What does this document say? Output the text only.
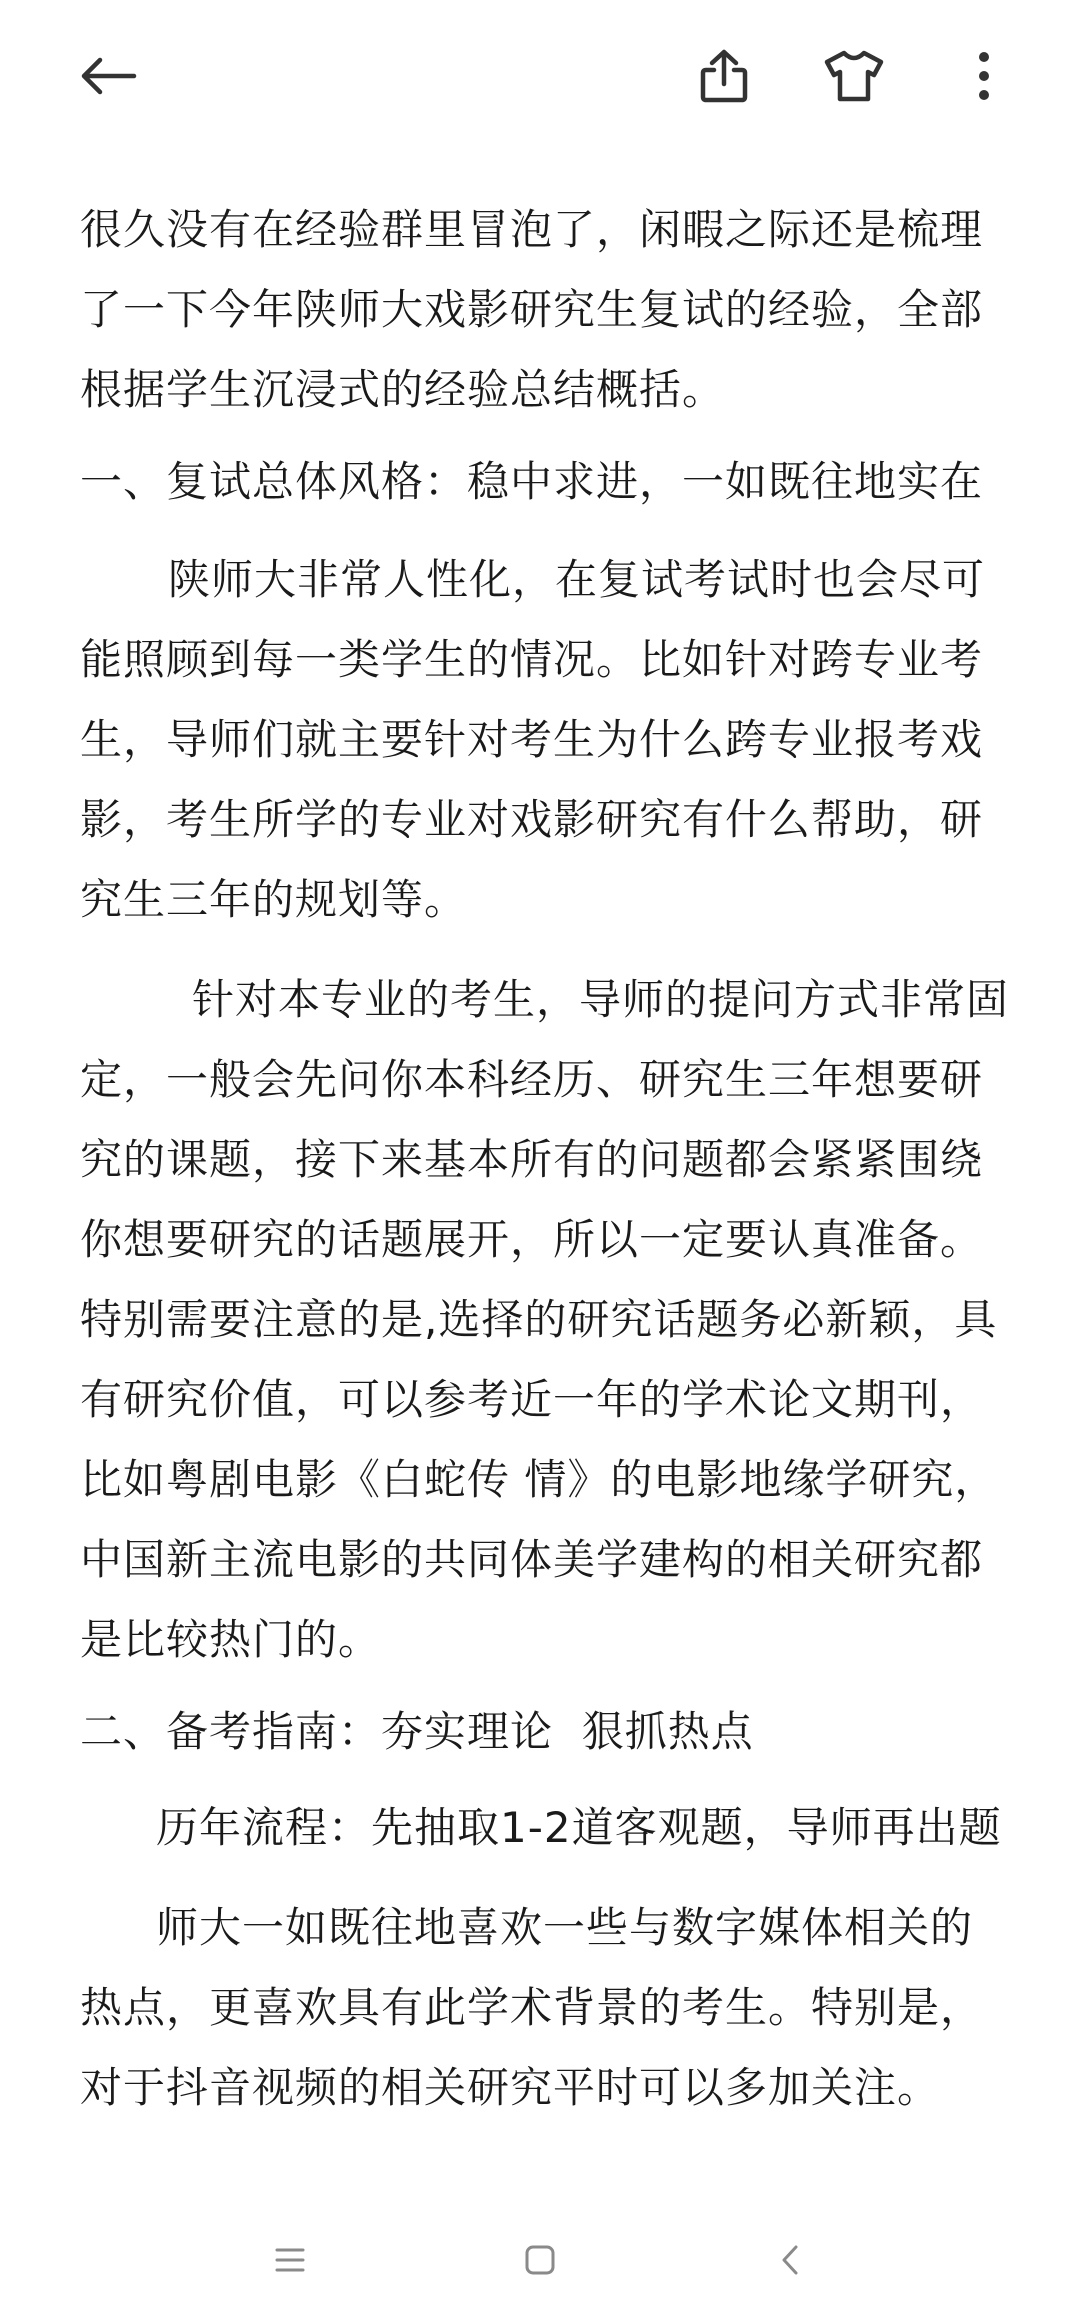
很久没有在经验群里冒泡了，闲暇之际还是梳理了一下今年陕师大戏影研究生复试的经验，全部根据学生沉浸式的经验总结概括。

一、复试总体风格：稳中求进，一如既往地实在

陕师大非常人性化，在复试考试时也会尽可能照顾到每一类学生的情况。比如针对跨专业考生，导师们就主要针对考生为什么跨专业报考戏影，考生所学的专业对戏影研究有什么帮助，研究生三年的规划等。

针对本专业的考生，导师的提问方式非常固定，一般会先问你本科经历、研究生三年想要研究的课题，接下来基本所有的问题都会紧紧围绕你想要研究的话题展开，所以一定要认真准备。特别需要注意的是,选择的研究话题务必新颖，具有研究价值，可以参考近一年的学术论文期刊，比如粤剧电影《白蛇传 情》的电影地缘学研究，中国新主流电影的共同体美学建构的相关研究都是比较热门的。

二、备考指南：夯实理论  狠抓热点

历年流程：先抽取1-2道客观题，导师再出题

师大一如既往地喜欢一些与数字媒体相关的热点，更喜欢具有此学术背景的考生。特别是，对于抖音视频的相关研究平时可以多加关注。
